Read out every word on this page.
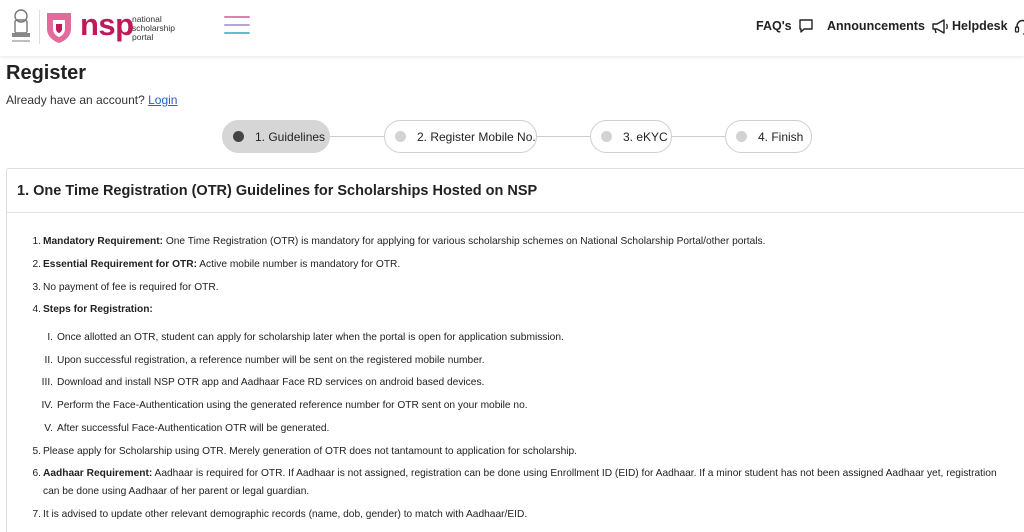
nsp
national
scholarship
portal
FAQ's	Announcements Helpdesk
Register
Already have an account? Login
1. Guidelines	2. Register Mobile No.	3. eKYC	4. Finish
1. One Time Registration (OTR) Guidelines for Scholarships Hosted on NSP
1. Mandatory Requirement: One Time Registration (OTR) is mandatory for applying for various scholarship schemes on National Scholarship Portal/other portals.
2. Essential Requirement for OTR: Active mobile number is mandatory for OTR.
3. No payment of fee is required for OTR.
4. Steps for Registration:
I. Once allotted an OTR, student can apply for scholarship later when the portal is open for application submission.
II. Upon successful registration, a reference number will be sent on the registered mobile number.
III. Download and install NSP OTR app and Aadhaar Face RD services on android based devices.
IV. Perform the Face-Authentication using the generated reference number for OTR sent on your mobile no.
V. After successful Face-Authentication OTR will be generated.
5. Please apply for Scholarship using OTR. Merely generation of OTR does not tantamount to application for scholarship.
6. Aadhaar Requirement: Aadhaar is required for OTR. If Aadhaar is not assigned, registration can be done using Enrollment ID (EID) for Aadhaar. If a minor student has not been assigned Aadhaar yet, registration
can be done using Aadhaar of her parent or legal guardian.
7. It is advised to update other relevant demographic records (name, dob, gender) to match with Aadhaar/EID.
